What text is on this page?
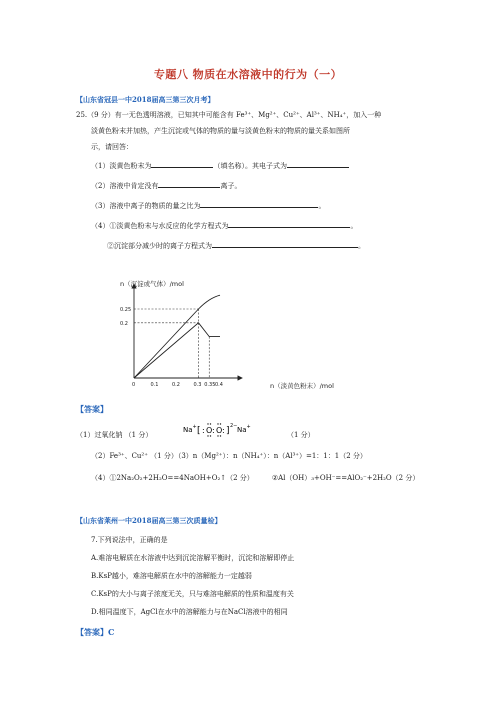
专题八 物质在水溶液中的行为（一）
【山东省冠县一中2018届高三第三次月考】
25.（9 分）有一无色透明溶液，已知其中可能含有 Fe³⁺、Mg²⁺、Cu²⁺、Al³⁺、NH₄⁺，加入一种
淡黄色粉末并加热，产生沉淀或气体的物质的量与淡黄色粉末的物质的量关系如图所
示，请回答：
（1）淡黄色粉末为	（填名称）。其电子式为
（2）溶液中肯定没有	离子。
（3）溶液中离子的物质的量之比为	。
（4）①淡黄色粉末与水反应的化学方程式为	。
②沉淀部分减少时的离子方程式为	。
n（沉淀或气体）/mol
n（淡黄色粉末）/mol
0	0.1	0.2	0.3 0.35 0.4
0.25
0.2
【答案】
（1）过氧化钠 （1 分）
Na + [ : O : O : ] 2− Na +
（1 分）
（2）Fe³⁺、Cu²⁺ （1 分）（3）n（Mg²⁺）：n（NH₄⁺）：n（Al³⁺）=1：1：1（2 分）
（4）①2Na₂O₂+2H₂O==4NaOH+O₂↑（2 分）	②Al（OH）₃+OH⁻==AlO₂⁻+2H₂O（2 分）
【山东省莱州一中2018届高三第三次质量检】
7.下列说法中，正确的是
A.难溶电解质在水溶液中达到沉淀溶解平衡时，沉淀和溶解即停止
B.KsP越小，难溶电解质在水中的溶解能力一定越弱
C.KsP的大小与离子浓度无关，只与难溶电解质的性质和温度有关
D.相同温度下，AgCl在水中的溶解能力与在NaCl溶液中的相同
【答案】C
